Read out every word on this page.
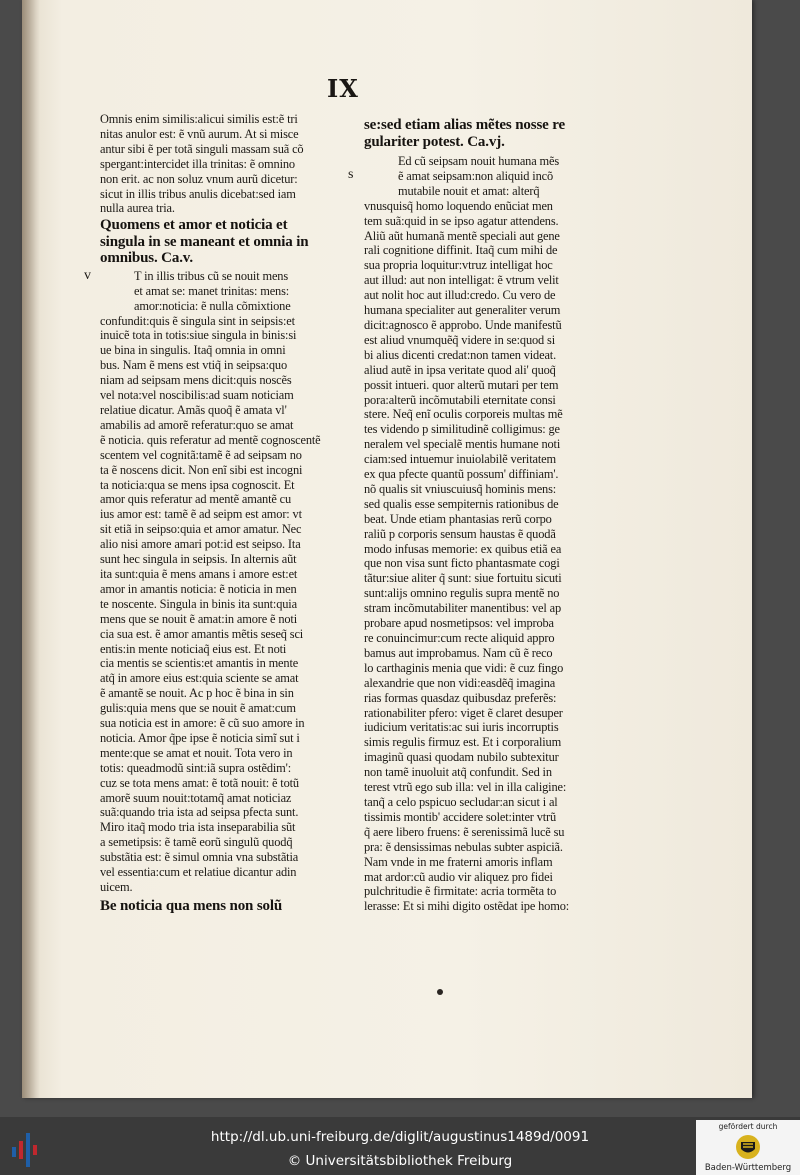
IX
Omnis enim similis:alicui similis est:ẽ tri
nitas anulor est: ẽ vnũ aurum. At si misce
antur sibi ẽ per totã singuli massam suã cõ
spergant:intercidet illa trinitas: ẽ omnino
non erit. ac non soluz vnum aurũ dicetur:
sicut in illis tribus anulis dicebat:sed iam
nulla aurea tria.
Quomens et amor et noticia et
singula in se maneant et omnia in
omnibus. Ca.v.
v	T in illis tribus cũ se nouit mens
et amat se: manet trinitas: mens:
amor:noticia: ẽ nulla cõmixtione
confundit:quis ẽ singula sint in seipsis:et
inuicẽ tota in totis:siue singula in binis:si
ue bina in singulis. Itaq̃ omnia in omni
bus. Nam ẽ mens est vtiq̃ in seipsa:quo
niam ad seipsam mens dicit:quis noscẽs
vel nota:vel noscibilis:ad suam noticiam
relatiue dicatur. Amãs quoq̃ ẽ amata vl'
amabilis ad amorẽ referatur:quo se amat
ẽ noticia. quis referatur ad mentẽ cognoscentẽ
scentem vel cognitã:tamẽ ẽ ad seipsam no
ta ẽ noscens dicit. Non enĩ sibi est incogni
ta noticia:qua se mens ipsa cognoscit. Et
amor quis referatur ad mentẽ amantẽ cu
ius amor est: tamẽ ẽ ad seipm est amor: vt
sit etiã in seipso:quia et amor amatur. Nec
alio nisi amore amari pot:id est seipso. Ita
sunt hec singula in seipsis. In alternis aũt
ita sunt:quia ẽ mens amans i amore est:et
amor in amantis noticia: ẽ noticia in men
te noscente. Singula in binis ita sunt:quia
mens que se nouit ẽ amat:in amore ẽ noti
cia sua est. ẽ amor amantis mẽtis seseq̃ sci
entis:in mente noticiaq̃ eius est. Et noti
cia mentis se scientis:et amantis in mente
atq̃ in amore eius est:quia sciente se amat
ẽ amantẽ se nouit. Ac p hoc ẽ bina in sin
gulis:quia mens que se nouit ẽ amat:cum
sua noticia est in amore: ẽ cũ suo amore in
noticia. Amor q̃pe ipse ẽ noticia simĩ sut i
mente:que se amat et nouit. Tota vero in
totis: queadmodũ sint:iã supra ostẽdim':
cuz se tota mens amat: ẽ totã nouit: ẽ totũ
amorẽ suum nouit:totamq̃ amat noticiaz
suã:quando tria ista ad seipsa pfecta sunt.
Miro itaq̃ modo tria ista inseparabilia sũt
a semetipsis: ẽ tamẽ eorũ singulũ quodq̃
substãtia est: ẽ simul omnia vna substãtia
vel essentia:cum et relatiue dicantur adin
uicem.
Be noticia qua mens non solũ
se:sed etiam alias mẽtes nosse re
gulariter potest. Ca.vj.
s
Ed cũ seipsam nouit humana mẽs
ẽ amat seipsam:non aliquid incõ
mutabile nouit et amat: alterq̃
vnusquisq̃ homo loquendo enũciat men
tem suã:quid in se ipso agatur attendens.
Aliũ aũt humanã mentẽ speciali aut gene
rali cognitione diffinit. Itaq̃ cum mihi de
sua propria loquitur:vtruz intelligat hoc
aut illud: aut non intelligat: ẽ vtrum velit
aut nolit hoc aut illud:credo. Cu vero de
humana specialiter aut generaliter verum
dicit:agnosco ẽ approbo. Unde manifestũ
est aliud vnumquẽq̃ videre in se:quod si
bi alius dicenti credat:non tamen videat.
aliud autẽ in ipsa veritate quod ali' quoq̃
possit intueri. quor alterũ mutari per tem
pora:alterũ incõmutabili eternitate consi
stere. Neq̃ enĩ oculis corporeis multas mẽ
tes videndo p similitudinẽ colligimus: ge
neralem vel specialẽ mentis humane noti
ciam:sed intuemur inuiolabilẽ veritatem
ex qua pfecte quantũ possum' diffiniam'.
nõ qualis sit vniuscuiusq̃ hominis mens:
sed qualis esse sempiternis rationibus de
beat. Unde etiam phantasias rerũ corpo
raliũ p corporis sensum haustas ẽ quodã
modo infusas memorie: ex quibus etiã ea
que non visa sunt ficto phantasmate cogi
tãtur:siue aliter q̃ sunt: siue fortuitu sicuti
sunt:alijs omnino regulis supra mentẽ no
stram incõmutabiliter manentibus: vel ap
probare apud nosmetipsos: vel improba
re conuincimur:cum recte aliquid appro
bamus aut improbamus. Nam cũ ẽ reco
lo carthaginis menia que vidi: ẽ cuz fingo
alexandrie que non vidi:easdẽq̃ imagina
rias formas quasdaz quibusdaz preferẽs:
rationabiliter pfero: viget ẽ claret desuper
iudicium veritatis:ac sui iuris incorruptis
simis regulis firmuz est. Et i corporalium
imaginũ quasi quodam nubilo subtexitur
non tamẽ inuoluit atq̃ confundit. Sed in
terest vtrũ ego sub illa: vel in illa caligine:
tanq̃ a celo pspicuo secludar:an sicut i al
tissimis montib' accidere solet:inter vtrũ
q̃ aere libero fruens: ẽ serenissimã lucẽ su
pra: ẽ densissimas nebulas subter aspiciã.
Nam vnde in me fraterni amoris inflam
mat ardor:cũ audio vir aliquez pro fidei
pulchritudie ẽ firmitate: acria tormẽta to
lerasse: Et si mihi digito ostẽdat ipe homo:
http://dl.ub.uni-freiburg.de/diglit/augustinus1489d/0091
© Universitätsbibliothek Freiburg
gefördert durch
Baden-Württemberg
